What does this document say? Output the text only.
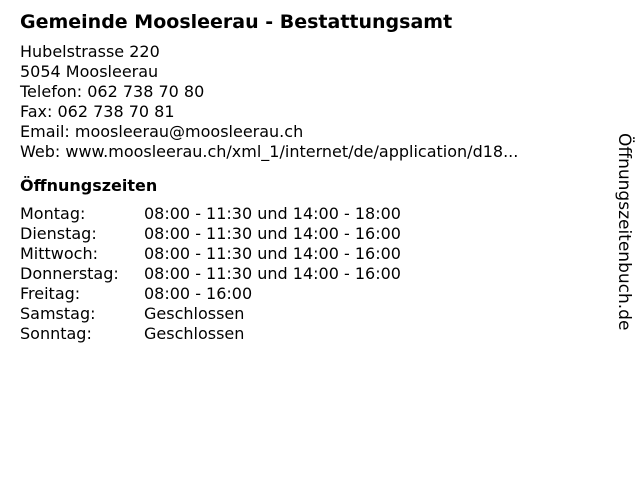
Gemeinde Moosleerau - Bestattungsamt
Hubelstrasse 220
5054 Moosleerau
Telefon: 062 738 70 80
Fax: 062 738 70 81
Email: moosleerau@moosleerau.ch
Web: www.moosleerau.ch/xml_1/internet/de/application/d18...
Öffnungszeiten
Montag:	08:00 - 11:30 und 14:00 - 18:00
Dienstag:	08:00 - 11:30 und 14:00 - 16:00
Mittwoch:	08:00 - 11:30 und 14:00 - 16:00
Donnerstag:	08:00 - 11:30 und 14:00 - 16:00
Freitag:	08:00 - 16:00
Samstag:	Geschlossen
Sonntag:	Geschlossen
Öffnungszeitenbuch.de
